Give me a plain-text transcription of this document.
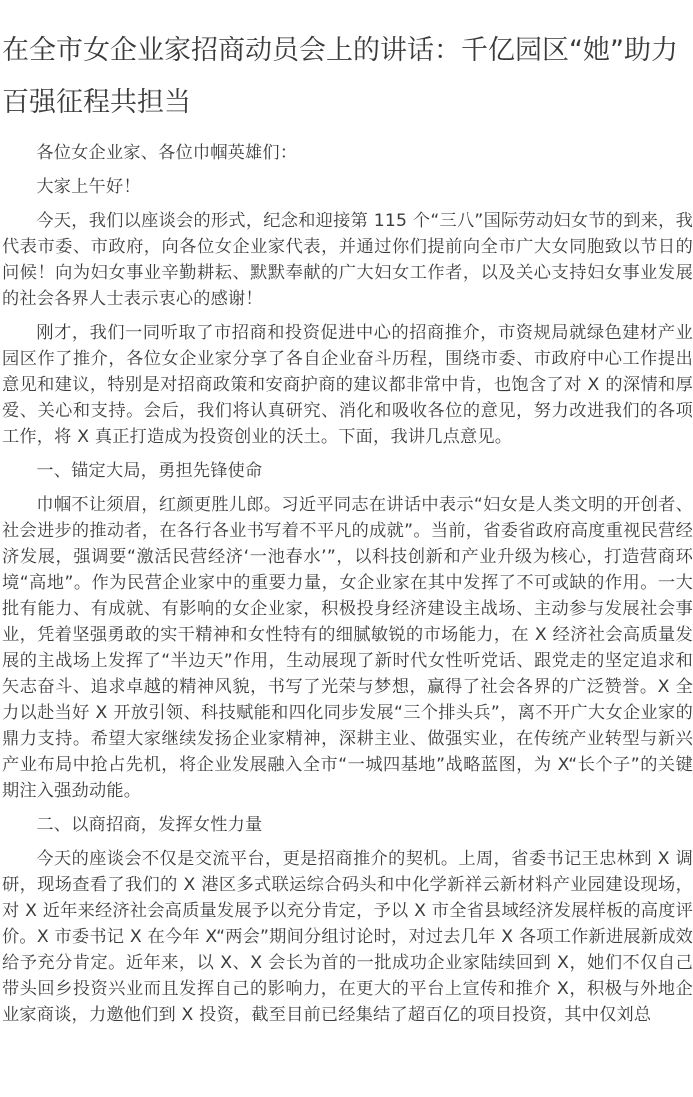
在全市女企业家招商动员会上的讲话：千亿园区“她”助力百强征程共担当

各位女企业家、各位巾帼英雄们：

大家上午好！

今天，我们以座谈会的形式，纪念和迎接第 115 个“三八”国际劳动妇女节的到来，我代表市委、市政府，向各位女企业家代表，并通过你们提前向全市广大女同胞致以节日的问候！向为妇女事业辛勤耕耘、默默奉献的广大妇女工作者，以及关心支持妇女事业发展的社会各界人士表示衷心的感谢！

刚才，我们一同听取了市招商和投资促进中心的招商推介，市资规局就绿色建材产业园区作了推介，各位女企业家分享了各自企业奋斗历程，围绕市委、市政府中心工作提出意见和建议，特别是对招商政策和安商护商的建议都非常中肯，也饱含了对 X 的深情和厚爱、关心和支持。会后，我们将认真研究、消化和吸收各位的意见，努力改进我们的各项工作，将 X 真正打造成为投资创业的沃土。下面，我讲几点意见。

一、锚定大局，勇担先锋使命

巾帼不让须眉，红颜更胜儿郎。习近平同志在讲话中表示“妇女是人类文明的开创者、社会进步的推动者，在各行各业书写着不平凡的成就”。当前，省委省政府高度重视民营经济发展，强调要“激活民营经济‘一池春水’”，以科技创新和产业升级为核心，打造营商环境“高地”。作为民营企业家中的重要力量，女企业家在其中发挥了不可或缺的作用。一大批有能力、有成就、有影响的女企业家，积极投身经济建设主战场、主动参与发展社会事业，凭着坚强勇敢的实干精神和女性特有的细腻敏锐的市场能力，在 X 经济社会高质量发展的主战场上发挥了“半边天”作用，生动展现了新时代女性听党话、跟党走的坚定追求和矢志奋斗、追求卓越的精神风貌，书写了光荣与梦想，赢得了社会各界的广泛赞誉。X 全力以赴当好 X 开放引领、科技赋能和四化同步发展“三个排头兵”，离不开广大女企业家的鼎力支持。希望大家继续发扬企业家精神，深耕主业、做强实业，在传统产业转型与新兴产业布局中抢占先机，将企业发展融入全市“一城四基地”战略蓝图，为 X“长个子”的关键期注入强劲动能。

二、以商招商，发挥女性力量

今天的座谈会不仅是交流平台，更是招商推介的契机。上周，省委书记王忠林到 X 调研，现场查看了我们的 X 港区多式联运综合码头和中化学新祥云新材料产业园建设现场，对 X 近年来经济社会高质量发展予以充分肯定，予以 X 市全省县域经济发展样板的高度评价。X 市委书记 X 在今年 X“两会”期间分组讨论时，对过去几年 X 各项工作新进展新成效给予充分肯定。近年来，以 X、X 会长为首的一批成功企业家陆续回到 X，她们不仅自己带头回乡投资兴业而且发挥自己的影响力，在更大的平台上宣传和推介 X，积极与外地企业家商谈，力邀他们到 X 投资，截至目前已经集结了超百亿的项目投资，其中仅刘总
